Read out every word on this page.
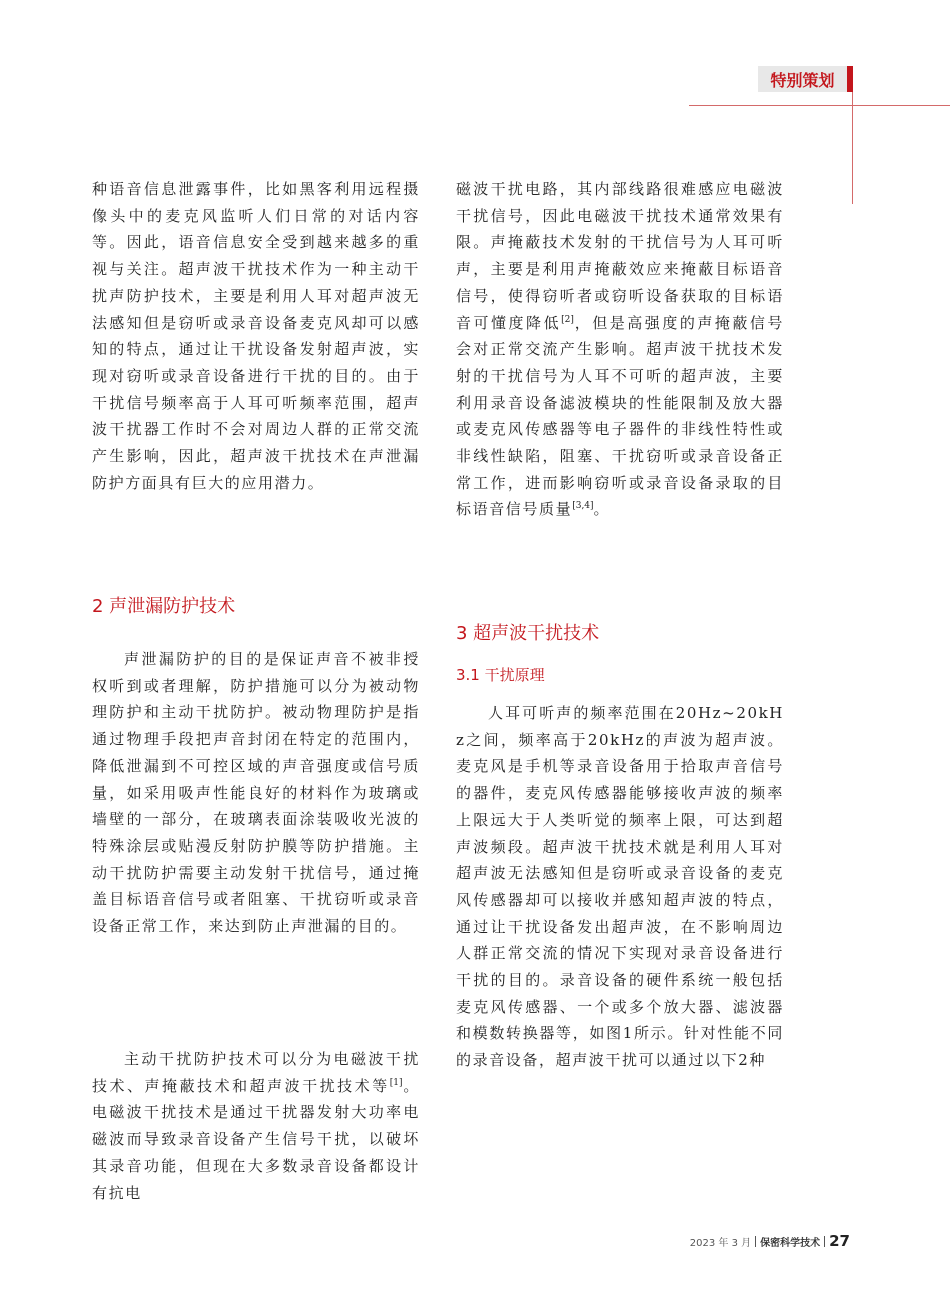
特别策划

种语音信息泄露事件，比如黑客利用远程摄像头中的麦克风监听人们日常的对话内容等。因此，语音信息安全受到越来越多的重视与关注。超声波干扰技术作为一种主动干扰声防护技术，主要是利用人耳对超声波无法感知但是窃听或录音设备麦克风却可以感知的特点，通过让干扰设备发射超声波，实现对窃听或录音设备进行干扰的目的。由于干扰信号频率高于人耳可听频率范围，超声波干扰器工作时不会对周边人群的正常交流产生影响，因此，超声波干扰技术在声泄漏防护方面具有巨大的应用潜力。

2 声泄漏防护技术

声泄漏防护的目的是保证声音不被非授权听到或者理解，防护措施可以分为被动物理防护和主动干扰防护。被动物理防护是指通过物理手段把声音封闭在特定的范围内，降低泄漏到不可控区域的声音强度或信号质量，如采用吸声性能良好的材料作为玻璃或墙壁的一部分，在玻璃表面涂装吸收光波的特殊涂层或贴漫反射防护膜等防护措施。主动干扰防护需要主动发射干扰信号，通过掩盖目标语音信号或者阻塞、干扰窃听或录音设备正常工作，来达到防止声泄漏的目的。

主动干扰防护技术可以分为电磁波干扰技术、声掩蔽技术和超声波干扰技术等[1]。电磁波干扰技术是通过干扰器发射大功率电磁波而导致录音设备产生信号干扰，以破坏其录音功能，但现在大多数录音设备都设计有抗电

磁波干扰电路，其内部线路很难感应电磁波干扰信号，因此电磁波干扰技术通常效果有限。声掩蔽技术发射的干扰信号为人耳可听声，主要是利用声掩蔽效应来掩蔽目标语音信号，使得窃听者或窃听设备获取的目标语音可懂度降低[2]，但是高强度的声掩蔽信号会对正常交流产生影响。超声波干扰技术发射的干扰信号为人耳不可听的超声波，主要利用录音设备滤波模块的性能限制及放大器或麦克风传感器等电子器件的非线性特性或非线性缺陷，阻塞、干扰窃听或录音设备正常工作，进而影响窃听或录音设备录取的目标语音信号质量[3,4]。

3 超声波干扰技术
3.1 干扰原理

人耳可听声的频率范围在20Hz~20kHz之间，频率高于20kHz的声波为超声波。麦克风是手机等录音设备用于拾取声音信号的器件，麦克风传感器能够接收声波的频率上限远大于人类听觉的频率上限，可达到超声波频段。超声波干扰技术就是利用人耳对超声波无法感知但是窃听或录音设备的麦克风传感器却可以接收并感知超声波的特点，通过让干扰设备发出超声波，在不影响周边人群正常交流的情况下实现对录音设备进行干扰的目的。录音设备的硬件系统一般包括麦克风传感器、一个或多个放大器、滤波器和模数转换器等，如图1所示。针对性能不同的录音设备，超声波干扰可以通过以下2种

2023 年 3 月 保密科学技术 27
